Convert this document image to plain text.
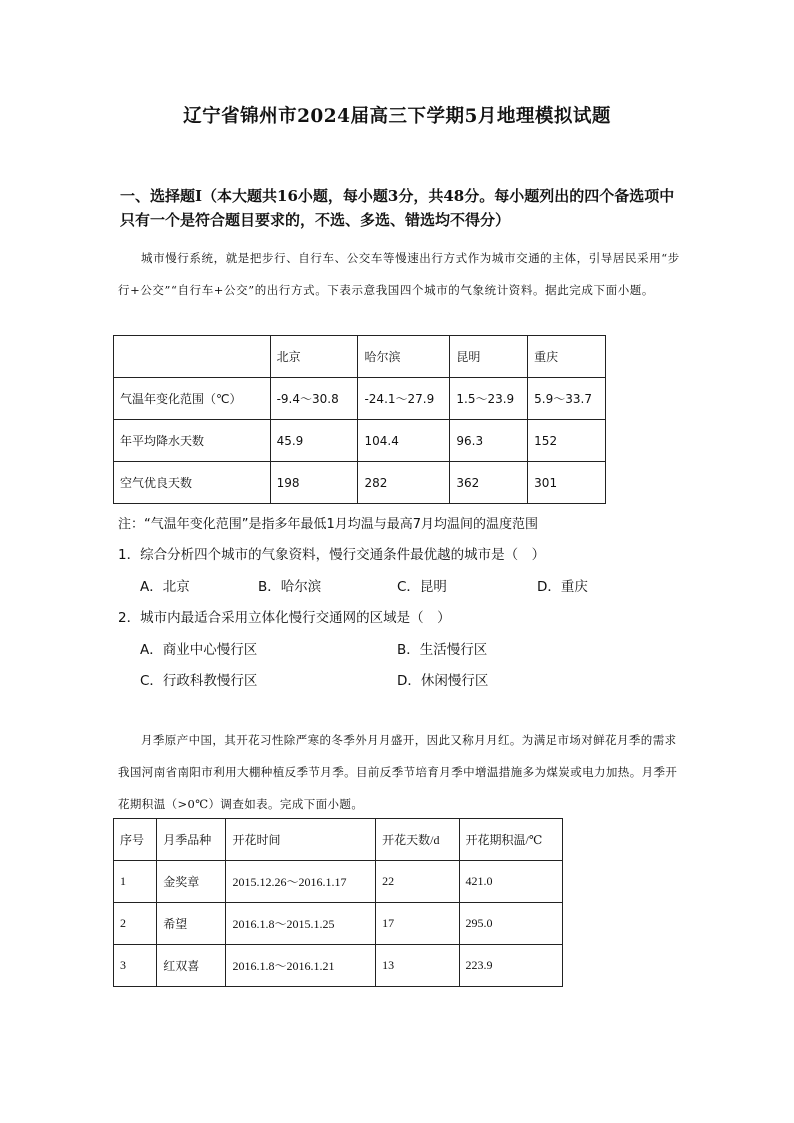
辽宁省锦州市2024届高三下学期5月地理模拟试题
一、选择题Ⅰ（本大题共16小题，每小题3分，共48分。每小题列出的四个备选项中只有一个是符合题目要求的，不选、多选、错选均不得分）
城市慢行系统，就是把步行、自行车、公交车等慢速出行方式作为城市交通的主体，引导居民采用“步行+公交”“自行车+公交”的出行方式。下表示意我国四个城市的气象统计资料。据此完成下面小题。
	北京	哈尔滨	昆明	重庆
气温年变化范围（℃）	-9.4～30.8	-24.1～27.9	1.5～23.9	5.9～33.7
年平均降水天数	45.9	104.4	96.3	152
空气优良天数	198	282	362	301
注：“气温年变化范围”是指多年最低1月均温与最高7月均温间的温度范围
1．综合分析四个城市的气象资料，慢行交通条件最优越的城市是（　）
A．北京	B．哈尔滨	C．昆明	D．重庆
2．城市内最适合采用立体化慢行交通网的区域是（　）
A．商业中心慢行区	B．生活慢行区
C．行政科教慢行区	D．休闲慢行区
月季原产中国，其开花习性除严寒的冬季外月月盛开，因此又称月月红。为满足市场对鲜花月季的需求我国河南省南阳市利用大棚种植反季节月季。目前反季节培育月季中增温措施多为煤炭或电力加热。月季开花期积温（>0℃）调查如表。完成下面小题。
序号	月季品种	开花时间	开花天数/d	开花期积温/℃
1	金奖章	2015.12.26～2016.1.17	22	421.0
2	希望	2016.1.8～2015.1.25	17	295.0
3	红双喜	2016.1.8～2016.1.21	13	223.9
